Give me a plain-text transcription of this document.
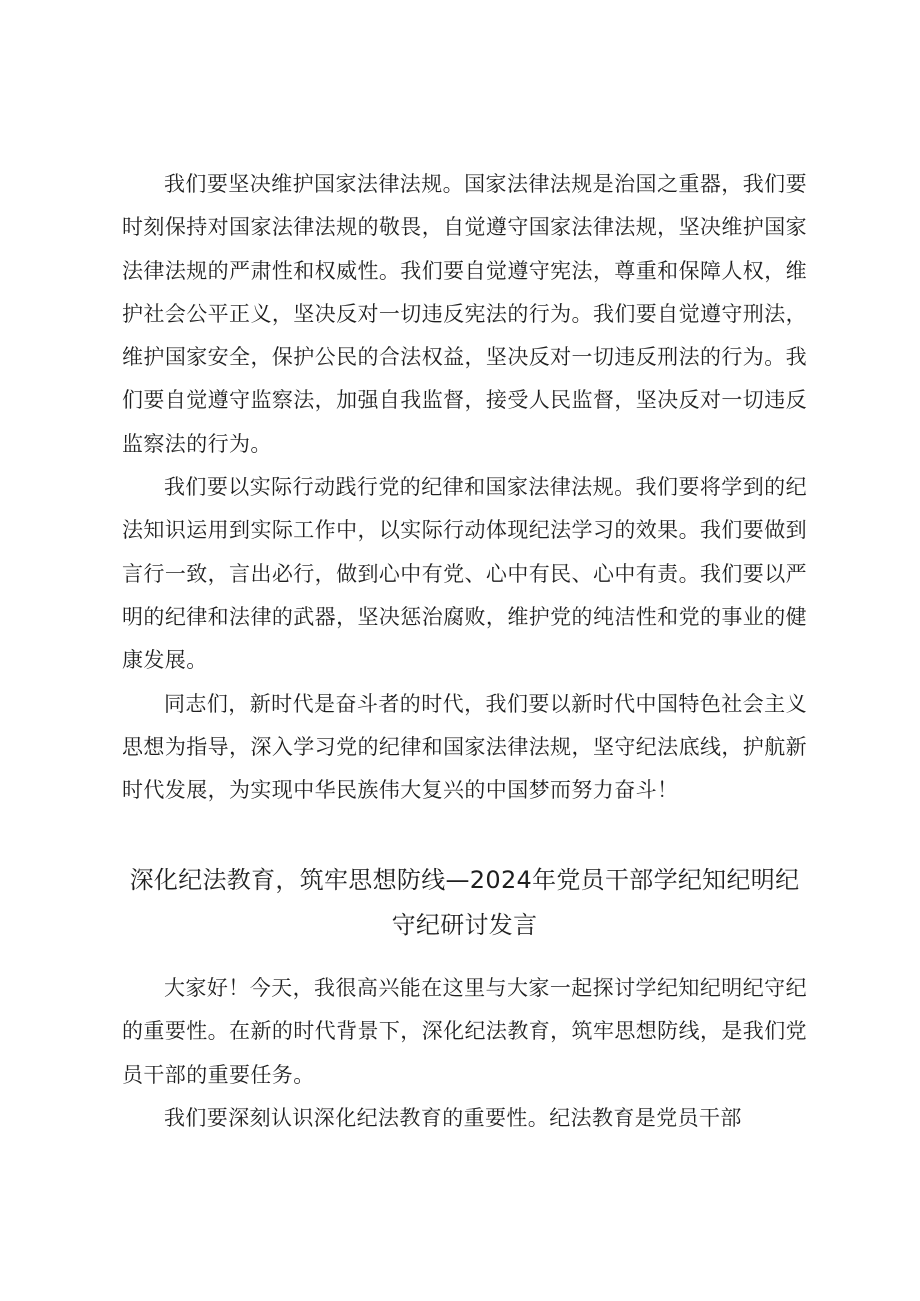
我们要坚决维护国家法律法规。国家法律法规是治国之重器，我们要时刻保持对国家法律法规的敬畏，自觉遵守国家法律法规，坚决维护国家法律法规的严肃性和权威性。我们要自觉遵守宪法，尊重和保障人权，维护社会公平正义，坚决反对一切违反宪法的行为。我们要自觉遵守刑法，维护国家安全，保护公民的合法权益，坚决反对一切违反刑法的行为。我们要自觉遵守监察法，加强自我监督，接受人民监督，坚决反对一切违反监察法的行为。

我们要以实际行动践行党的纪律和国家法律法规。我们要将学到的纪法知识运用到实际工作中，以实际行动体现纪法学习的效果。我们要做到言行一致，言出必行，做到心中有党、心中有民、心中有责。我们要以严明的纪律和法律的武器，坚决惩治腐败，维护党的纯洁性和党的事业的健康发展。

同志们，新时代是奋斗者的时代，我们要以新时代中国特色社会主义思想为指导，深入学习党的纪律和国家法律法规，坚守纪法底线，护航新时代发展，为实现中华民族伟大复兴的中国梦而努力奋斗！

深化纪法教育，筑牢思想防线—2024年党员干部学纪知纪明纪守纪研讨发言

大家好！今天，我很高兴能在这里与大家一起探讨学纪知纪明纪守纪的重要性。在新的时代背景下，深化纪法教育，筑牢思想防线，是我们党员干部的重要任务。

我们要深刻认识深化纪法教育的重要性。纪法教育是党员干部
